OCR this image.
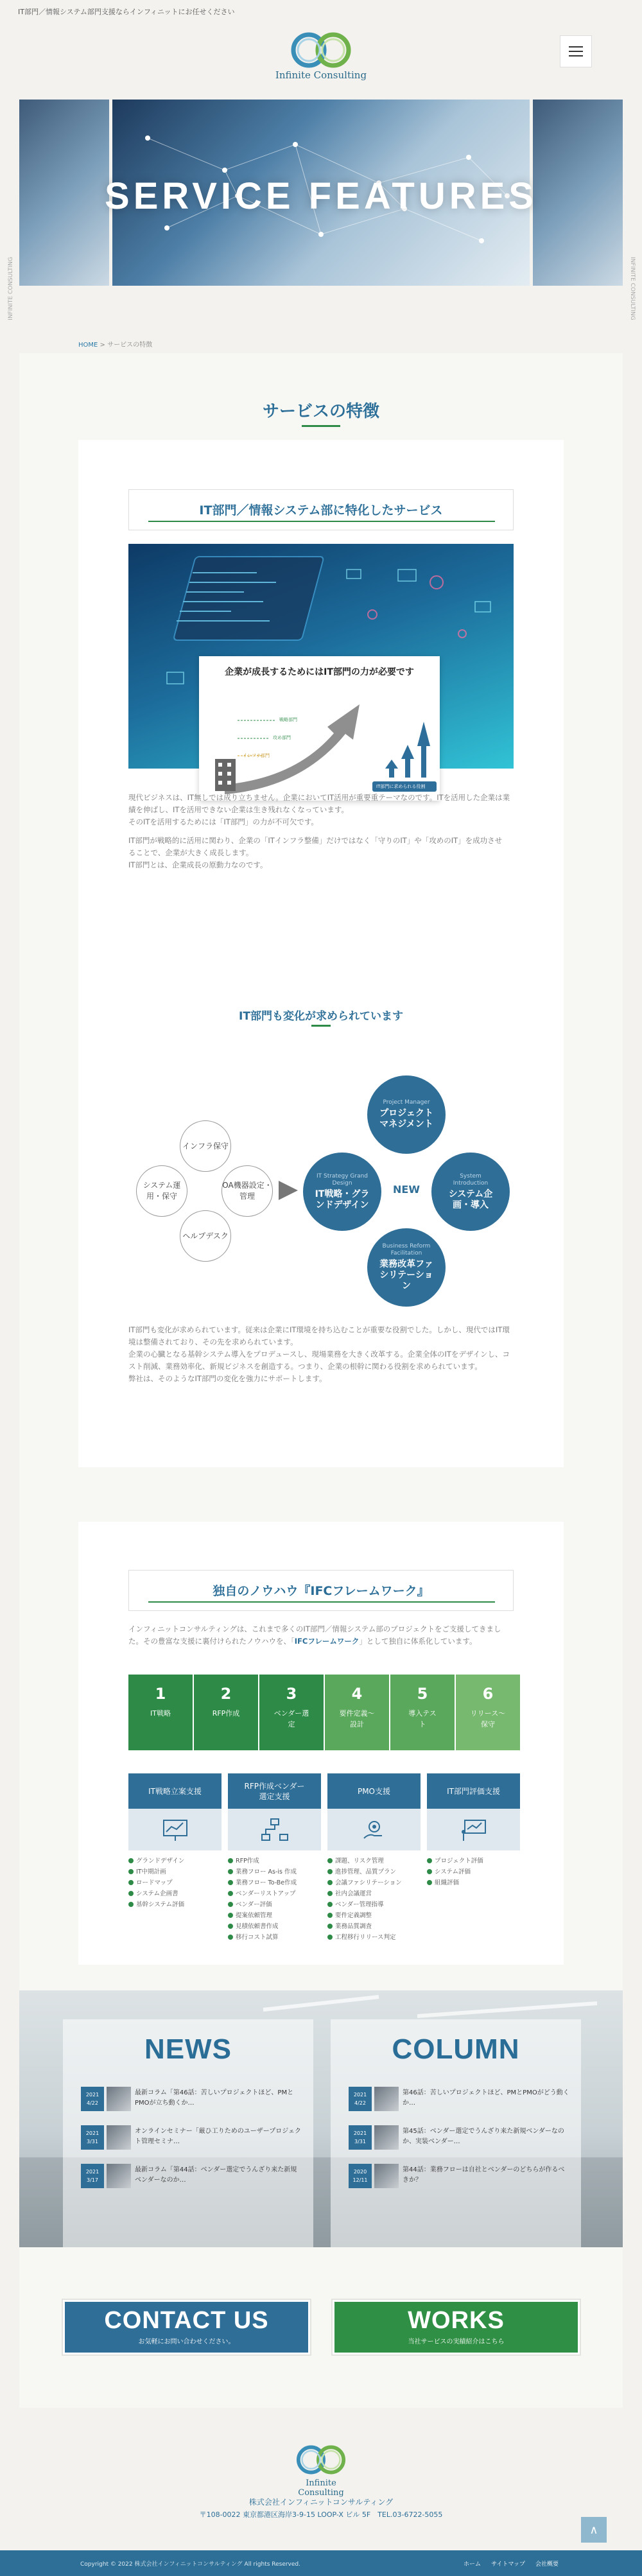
IT部門／情報システム部門支援ならインフィニットにお任せください
Infinite Consulting
SERVICE FEATURES
INFINITE CONSULTING	INFINITE CONSULTING
HOME > サービスの特徴
サービスの特徴
IT部門／情報システム部に特化したサービス
企業が成長するためにはIT部門の力が必要です
戦略部門
攻め部門
インフラ部門
IT部門に求められる役割
現代ビジネスは、IT無しでは成り立ちません。企業においてIT活用が重要重テーマなのです。ITを活用した企業は業
績を伸ばし、ITを活用できない企業は生き残れなくなっています。
そのITを活用するためには「IT部門」の力が不可欠です。
IT部門が戦略的に活用に関わり、企業の「ITインフラ整備」だけではなく「守りのIT」や「攻めのIT」を成功させ
ることで、企業が大きく成長します。
IT部門とは、企業成長の原動力なのです。
IT部門も変化が求められています
インフラ保守
システム運用・保守
OA機器設定・管理
ヘルプデスク
NEW
Project Manager
プロジェクトマネジメント
IT Strategy Grand Design
IT戦略・グランドデザイン
System Introduction
システム企画・導入
Business Reform Facilitation
業務改革ファシリテーション
IT部門も変化が求められています。従来は企業にIT環境を持ち込むことが重要な役割でした。しかし、現代ではIT環
境は整備されており、その先を求められています。
企業の心臓となる基幹システム導入をプロデュースし、現場業務を大きく改革する。企業全体のITをデザインし、コ
スト削減、業務効率化、新規ビジネスを創造する。つまり、企業の根幹に関わる役割を求められています。
弊社は、そのようなIT部門の変化を強力にサポートします。
独自のノウハウ『IFCフレームワーク』
インフィニットコンサルティングは、これまで多くのIT部門／情報システム部のプロジェクトをご支援してきまし
た。その豊富な支援に裏付けられたノウハウを、「IFCフレームワーク」として独自に体系化しています。
1
IT戦略
2
RFP作成
3
ベンダー選定
4
要件定義〜設計
5
導入テスト
6
リリース〜保守
IT戦略立案支援
グランドデザイン
IT中期計画
ロードマップ
システム企画書
基幹システム評価
RFP作成ベンダー選定支援
RFP作成
業務フロー As-is 作成
業務フロー To-Be作成
ベンダーリストアップ
ベンダー評価
提案依頼管理
見積依頼書作成
移行コスト試算
PMO支援
課題、リスク管理
進捗管理、品質プラン
会議ファシリテーション
社内会議運営
ベンダー管理指導
要件定義調整
業務品質調査
工程移行リリース判定
IT部門評価支援
プロジェクト評価
システム評価
組織評価
NEWS
2021 4/22
最新コラム「第46話：苦しいプロジェクトほど、PMとPMOが立ち動くか…
2021 3/31
オンラインセミナー「厳ひ工りためのユーザープロジェクト管理セミナ…
2021 3/17
最新コラム「第44話：ベンダー選定でうんざり来た新規ベンダーなのか…
COLUMN
2021 4/22
第46話：苦しいプロジェクトほど、PMとPMOがどう動くか…
2021 3/31
第45話：ベンダー選定でうんざり来た新規ベンダーなのか、実装ベンダー…
2020 12/11
第44話：業務フローは自社とベンダーのどちらが作るべきか？
CONTACT US
お気軽にお問い合わせください。
WORKS
当社サービスの実績紹介はこちら
Infinite Consulting
株式会社インフィニットコンサルティング
〒108-0022 東京都港区海岸3-9-15 LOOP-X ビル 5F　TEL.03-6722-5055
∧
Copyright © 2022 株式会社インフィニットコンサルティング All rights Reserved.	ホーム サイトマップ 会社概要
